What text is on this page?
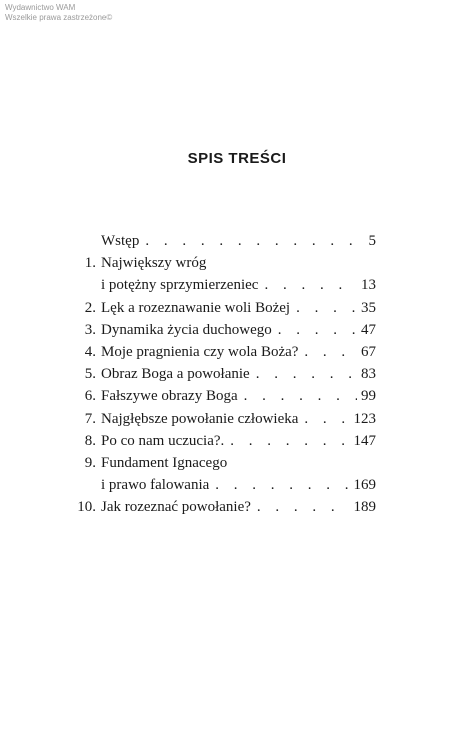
Wydawnictwo WAM
Wszelkie prawa zastrzeżone©
SPIS TREŚCI
Wstęp . . .	5
1. Największy wróg
i potężny sprzymierzeniec . . .	13
2. Lęk a rozeznawanie woli Bożej . . .	35
3. Dynamika życia duchowego . . .	47
4. Moje pragnienia czy wola Boża? . . .	67
5. Obraz Boga a powołanie . . .	83
6. Fałszywe obrazy Boga . . .	99
7. Najgłębsze powołanie człowieka . . .	123
8. Po co nam uczucia?. . . .	147
9. Fundament Ignacego
i prawo falowania . . .	169
10. Jak rozeznać powołanie? . . .	189
